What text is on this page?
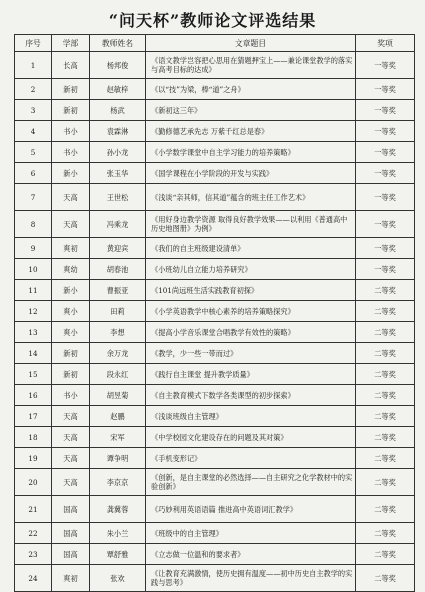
“问天杯”教师论文评选结果
序号	学部	教师姓名	文章题目	奖项
1	长高	杨邦俊	《语文教学岂容把心思用在猜题押宝上——兼论课堂教学的落实与高考目标的达成》	一等奖
2	新初	赵敏梓	《以“技”为梁，棒“道”之舟》	一等奖
3	新初	杨武	《新初这三年》	一等奖
4	书小	袁霖淋	《勤修德艺承先志 万紫千红总是春》	一等奖
5	书小	孙小龙	《小学数学课堂中自主学习能力的培养策略》	一等奖
6	新小	张玉华	《国学课程在小学阶段的开发与实践》	一等奖
7	天高	王世松	《浅谈“亲其师，信其道”蕴含的班主任工作艺术》	一等奖
8	天高	冯乘龙	《用好身边教学资源 取得良好教学效果——以利用《普通高中历史地图册》为例》	一等奖
9	爽初	黄迎宾	《我们的自主班级建设清单》	一等奖
10	爽幼	胡春池	《小班幼儿自立能力培养研究》	一等奖
11	新小	曹振亚	《101尚远班生活实践教育初探》	二等奖
12	爽小	田莉	《小学英语教学中核心素养的培养策略探究》	二等奖
13	爽小	李想	《提高小学音乐课堂合唱教学有效性的策略》	二等奖
14	新初	余万龙	《教学，少一些一带而过》	二等奖
15	新初	段永红	《践行自主课堂 提升教学质量》	二等奖
16	书小	胡昱菊	《自主教育模式下数学各类课型的初步探索》	二等奖
17	天高	赵鹏	《浅谈班级自主管理》	二等奖
18	天高	宋军	《中学校园文化建设存在的问题及其对策》	二等奖
19	天高	谭争明	《手机变形记》	二等奖
20	天高	李京京	《创新，是自主课堂的必然选择——自主研究之化学教材中的实验创新》	二等奖
21	国高	龚冀蓉	《巧妙利用英语语篇 推进高中英语词汇教学》	二等奖
22	国高	朱小兰	《班级中的自主管理》	二等奖
23	国高	覃舒雅	《立志做一位温和的要求者》	二等奖
24	爽初	张欢	《让教育充满激情，使历史拥有温度——初中历史自主教学的实践与思考》	二等奖
